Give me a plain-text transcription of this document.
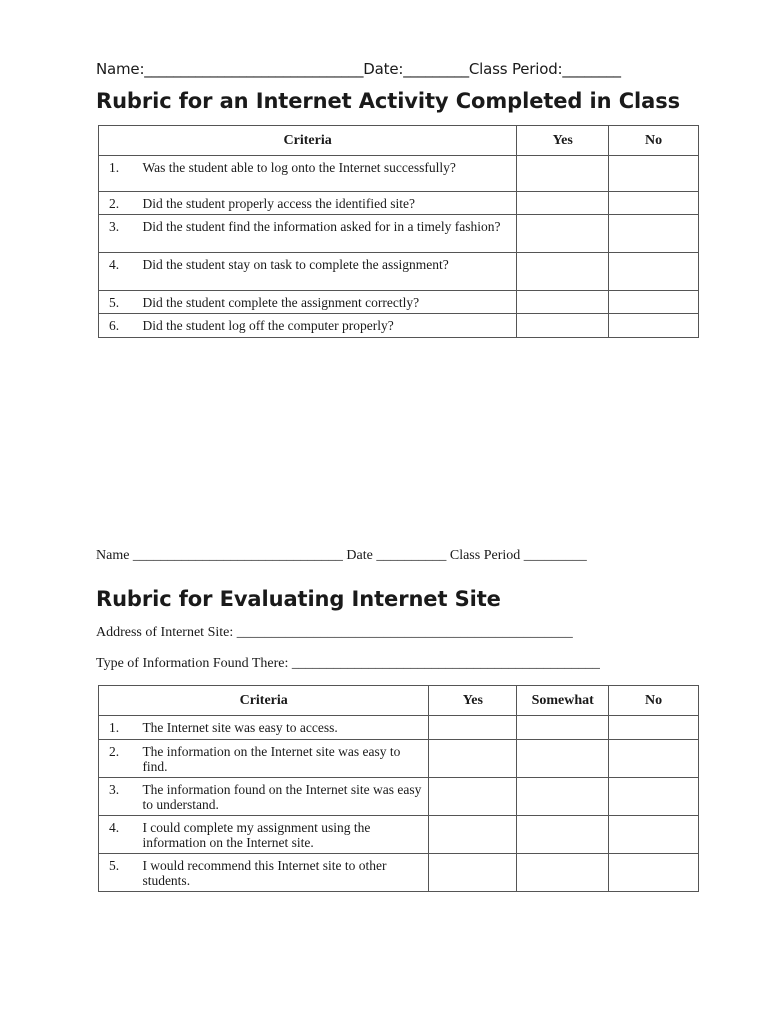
Name:______________________________Date:_________Class Period:________
Rubric for an Internet Activity Completed in Class
Criteria		Yes	No
1.	Was the student able to log onto the Internet successfully?		
2.	Did the student properly access the identified site?		
3.	Did the student find the information asked for in a timely fashion?		
4.	Did the student stay on task to complete the assignment?		
5.	Did the student complete the assignment correctly?		
6.	Did the student log off the computer properly?		
Name ______________________________ Date __________ Class Period _________
Rubric for Evaluating Internet Site
Address of Internet Site: ________________________________________________
Type of Information Found There: ____________________________________________
Criteria		Yes	Somewhat	No
1.	The Internet site was easy to access.			
2.	The information on the Internet site was easy to find.			
3.	The information found on the Internet site was easy to understand.			
4.	I could complete my assignment using the information on the Internet site.			
5.	I would recommend this Internet site to other students.			
